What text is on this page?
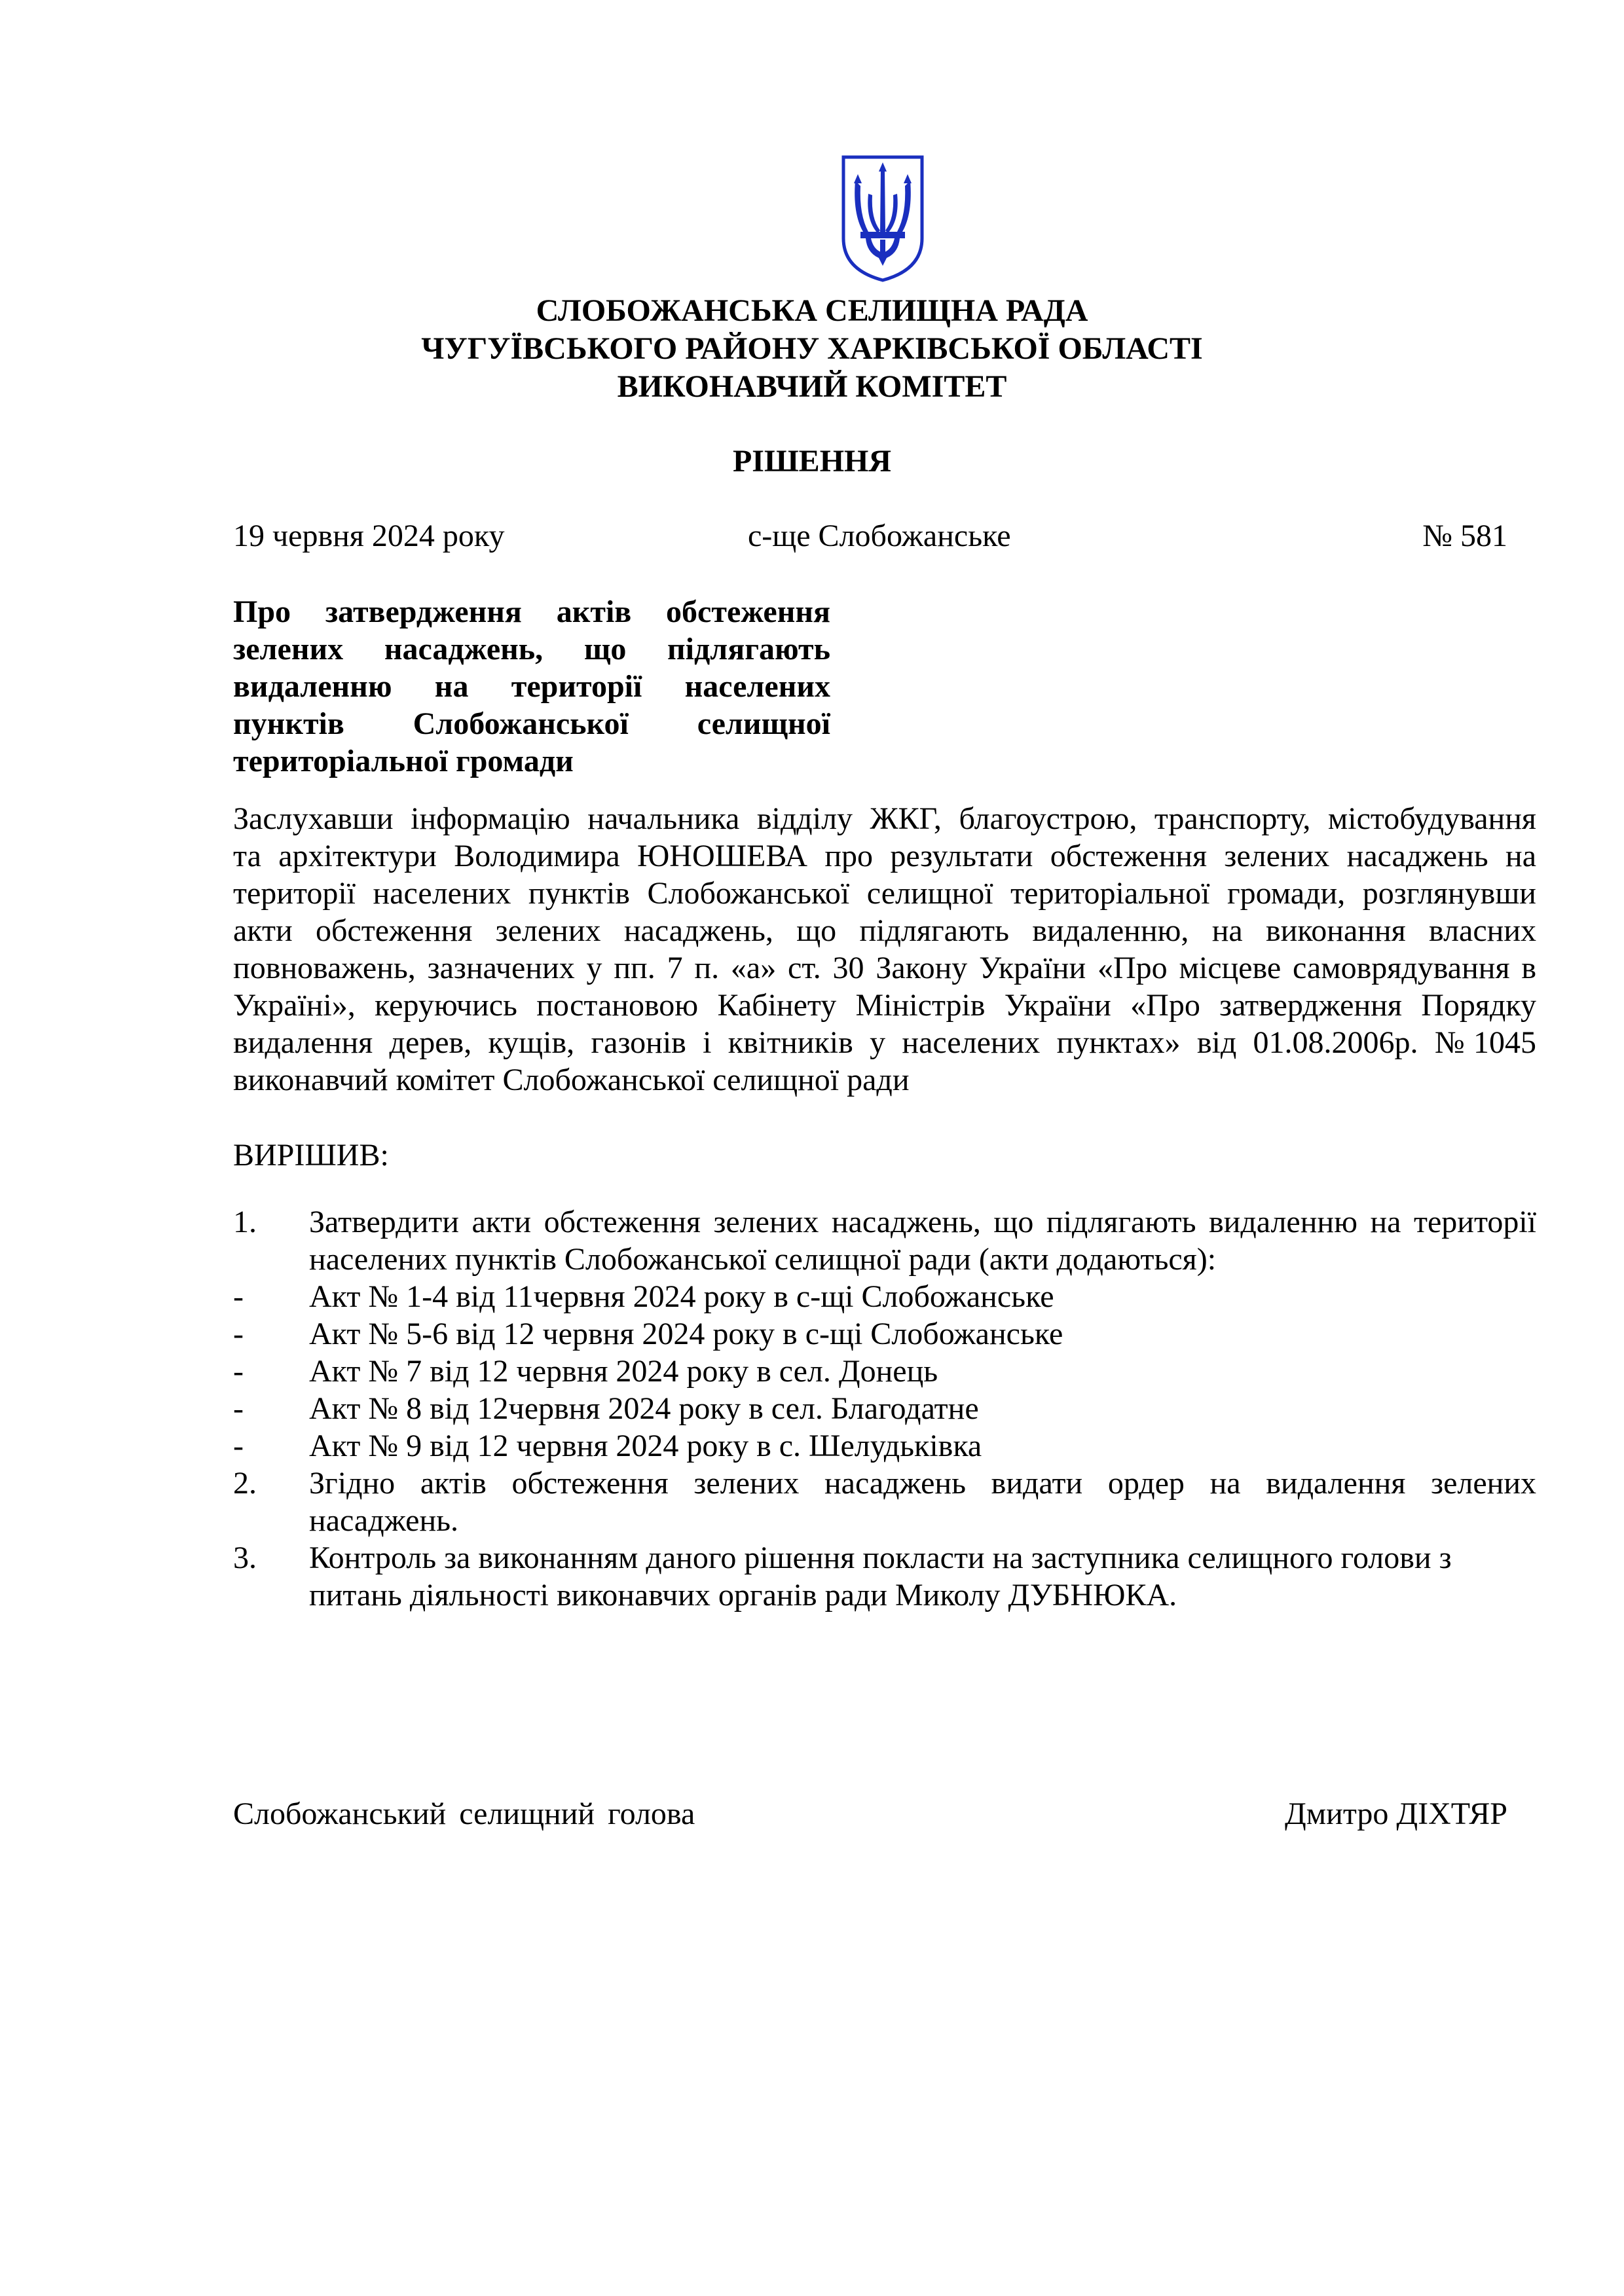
СЛОБОЖАНСЬКА СЕЛИЩНА РАДА
ЧУГУЇВСЬКОГО РАЙОНУ ХАРКІВСЬКОЇ ОБЛАСТІ
ВИКОНАВЧИЙ КОМІТЕТ
РІШЕННЯ
19 червня 2024 року	с-ще Слобожанське	№ 581
Про затвердження актів обстеження
зелених насаджень, що підлягають
видаленню на території населених
пунктів Слобожанської селищної
територіальної громади
Заслухавши інформацію начальника відділу ЖКГ, благоустрою, транспорту, містобудування
та архітектури Володимира ЮНОШЕВА про результати обстеження зелених насаджень на
території населених пунктів Слобожанської селищної територіальної громади, розглянувши
акти обстеження зелених насаджень, що підлягають видаленню, на виконання власних
повноважень, зазначених у пп. 7 п. «а» ст. 30 Закону України «Про місцеве самоврядування в
Україні», керуючись постановою Кабінету Міністрів України «Про затвердження Порядку
видалення дерев, кущів, газонів і квітників у населених пунктах» від 01.08.2006р. №1045
виконавчий комітет Слобожанської селищної ради
ВИРІШИВ:
1. Затвердити акти обстеження зелених насаджень, що підлягають видаленню на території
населених пунктів Слобожанської селищної ради (акти додаються):
- Акт № 1-4 від 11червня 2024 року в с-щі Слобожанське
- Акт № 5-6 від 12 червня 2024 року в с-щі Слобожанське
- Акт № 7 від 12 червня 2024 року в сел. Донець
- Акт № 8 від 12червня 2024 року в сел. Благодатне
- Акт № 9 від 12 червня 2024 року в с. Шелудьківка
2. Згідно актів обстеження зелених насаджень видати ордер на видалення зелених
насаджень.
3. Контроль за виконанням даного рішення покласти на заступника селищного голови з
питань діяльності виконавчих органів ради Миколу ДУБНЮКА.
Слобожанський селищний голова	Дмитро ДІХТЯР
